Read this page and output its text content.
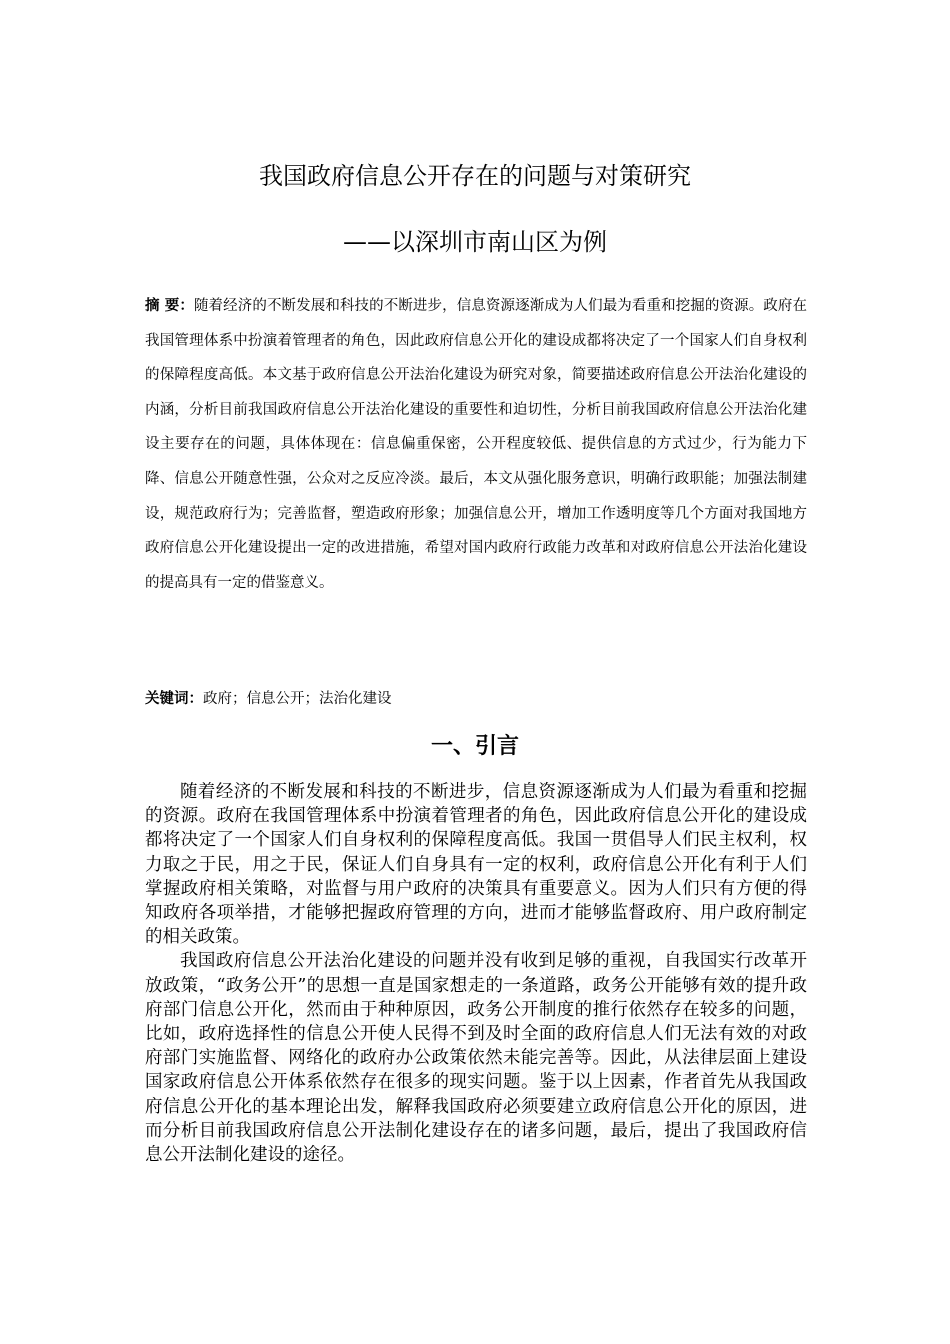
我国政府信息公开存在的问题与对策研究
——以深圳市南山区为例

摘 要：随着经济的不断发展和科技的不断进步，信息资源逐渐成为人们最为看重和挖掘的资源。政府在我国管理体系中扮演着管理者的角色，因此政府信息公开化的建设成都将决定了一个国家人们自身权利的保障程度高低。本文基于政府信息公开法治化建设为研究对象，简要描述政府信息公开法治化建设的内涵，分析目前我国政府信息公开法治化建设的重要性和迫切性，分析目前我国政府信息公开法治化建设主要存在的问题，具体体现在：信息偏重保密，公开程度较低、提供信息的方式过少，行为能力下降、信息公开随意性强，公众对之反应冷淡。最后，本文从强化服务意识，明确行政职能；加强法制建设，规范政府行为；完善监督，塑造政府形象；加强信息公开，增加工作透明度等几个方面对我国地方政府信息公开化建设提出一定的改进措施，希望对国内政府行政能力改革和对政府信息公开法治化建设的提高具有一定的借鉴意义。

关键词：政府；信息公开；法治化建设

一、引言

随着经济的不断发展和科技的不断进步，信息资源逐渐成为人们最为看重和挖掘的资源。政府在我国管理体系中扮演着管理者的角色，因此政府信息公开化的建设成都将决定了一个国家人们自身权利的保障程度高低。我国一贯倡导人们民主权利，权力取之于民，用之于民，保证人们自身具有一定的权利，政府信息公开化有利于人们掌握政府相关策略，对监督与用户政府的决策具有重要意义。因为人们只有方便的得知政府各项举措，才能够把握政府管理的方向，进而才能够监督政府、用户政府制定的相关政策。

我国政府信息公开法治化建设的问题并没有收到足够的重视，自我国实行改革开放政策，“政务公开”的思想一直是国家想走的一条道路，政务公开能够有效的提升政府部门信息公开化，然而由于种种原因，政务公开制度的推行依然存在较多的问题，比如，政府选择性的信息公开使人民得不到及时全面的政府信息人们无法有效的对政府部门实施监督、网络化的政府办公政策依然未能完善等。因此，从法律层面上建设国家政府信息公开体系依然存在很多的现实问题。鉴于以上因素，作者首先从我国政府信息公开化的基本理论出发，解释我国政府必须要建立政府信息公开化的原因，进而分析目前我国政府信息公开法制化建设存在的诸多问题，最后，提出了我国政府信息公开法制化建设的途径。
